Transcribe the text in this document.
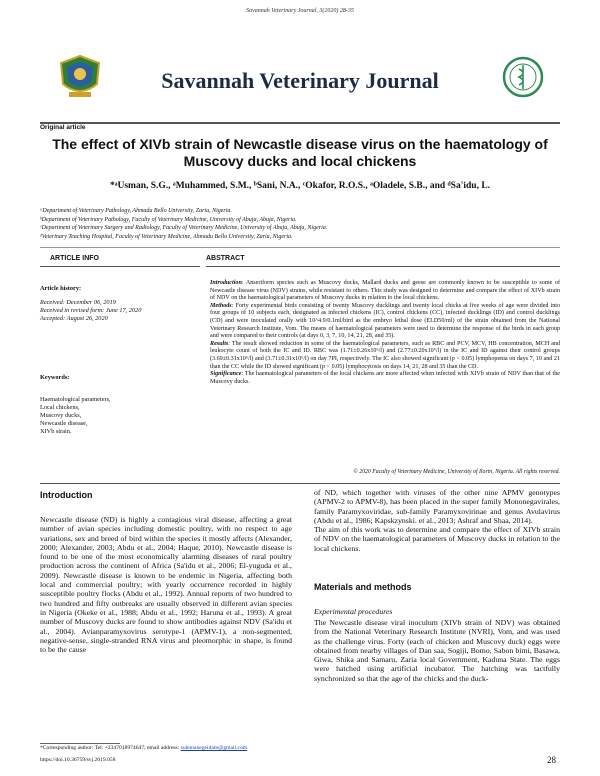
Savannah Veterinary Journal, 3(2020) 28-35
Savannah Veterinary Journal
Original article
The effect of XIVb strain of Newcastle disease virus on the haematology of Muscovy ducks and local chickens
*ᵃUsman, S.G., ᵃMuhammed, S.M., ᵇSani, N.A., ᶜOkafor, R.O.S., ᵃOladele, S.B., and ᵈSa'idu, L.
ᵃDepartment of Veterinary Pathology, Ahmadu Bello University, Zaria, Nigeria.
ᵇDepartment of Veterinary Pathology, Faculty of Veterinary Medicine, University of Abuja, Abuja, Nigeria.
ᶜDepartment of Veterinary Surgery and Radiology, Faculty of Veterinary Medicine, University of Abuja, Abuja, Nigeria.
ᵈVeterinary Teaching Hospital, Faculty of Veterinary Medicine, Ahmadu Bello University, Zaria, Nigeria.
ARTICLE INFO	ABSTRACT
Article history:
Received: December 06, 2019
Received in revised form: June 17, 2020
Accepted: August 26, 2020
Keywords:
Haematological parameters,
Local chickens,
Muscovy ducks,
Newcastle disease,
XIVb strain.

Introduction: Anseriform species such as Muscovy ducks, Mallard ducks and geese are commonly known to be susceptible to some of Newcastle disease virus (NDV) strains, while resistant to others. This study was designed to determine and compare the effect of XIVb strain of NDV on the haematological parameters of Muscovy ducks in relation to the local chickens.

Methods: Forty experimental birds consisting of twenty Muscovy ducklings and twenty local chicks at five weeks of age were divided into four groups of 10 subjects each, designated as infected chickens (IC), control chickens (CC), infected ducklings (ID) and control ducklings (CD) and were inoculated orally with 10^4.9/0.1ml/bird as the embryo lethal dose (ELD50/ml) of the strain obtained from the National Veterinary Research Institute, Vom. The means of haematological parameters were used to determine the response of the birds in each group and were compared to their controls (at days 0, 3, 7, 10, 14, 21, 28, and 35).

Results: The result showed reduction in some of the haematological parameters, such as RBC and PCV, MCV, HB concentration, MCH and leukocyte count of both the IC and ID. RBC was (1.71±0.26x10⁶/l) and (2.77±0.20x10⁶/l) in the IC and ID against their control groups (3.69±0.31x10⁶/l) and (3.71±0.31x10⁶/l) on day 7PI, respectively. The IC also showed significant (p < 0.05) lymphopenia on days 7, 10 and 21 than the CC while the ID showed significant (p < 0.05) lymphocytosis on days 14, 21, 28 and 35 than the CD.

Significance: The haematological parameters of the local chickens are more affected when infected with XIVb strain of NDV than that of the Muscovy ducks.

© 2020 Faculty of Veterinary Medicine, University of Ilorin, Nigeria. All rights reserved.
Introduction
Newcastle disease (ND) is highly a contagious viral disease, affecting a great number of avian species including domestic poultry, with no respect to age variations, sex and breed of bird within the species it mostly affects (Alexander, 2000; Alexander, 2003; Abdu et al., 2004; Haque, 2010). Newcastle disease is found to be one of the most economically alarming diseases of rural poultry production across the continent of Africa (Sa'idu et al., 2006; El-yuguda et al., 2009). Newcastle disease is known to be endemic in Nigeria, affecting both local and commercial poultry; with yearly occurrence recorded in highly susceptible poultry flocks (Abdu et al., 1992). Annual reports of two hundred to two hundred and fifty outbreaks are usually observed in different avian species in Nigeria (Okeke et al., 1988; Abdu et al., 1992; Haruna et al., 1993). A great number of Muscovy ducks are found to show antibodies against NDV (Sa'idu et al., 2004). Avianparamyxovirus serotype-1 (APMV-1), a non-segmented, negative-sense, single-stranded RNA virus and pleomorphic in shape, is found to be the cause

of ND, which together with viruses of the other nine APMV genotypes (APMV-2 to APMV-8), has been placed in the super family Mononegavirales, family Paramyxoviridae, sub-family Paramyxovirinae and genus Avulavirus (Abdu et al., 1986; Kapskzynski. et al., 2013; Ashraf and Shaa, 2014).

The aim of this work was to determine and compare the effect of XIVb strain of NDV on the haematological parameters of Muscovy ducks in relation to the local chickens.

Materials and methods
Experimental procedures
The Newcastle disease viral inoculum (XIVb strain of NDV) was obtained from the National Veterinary Research Institute (NVRI), Vom, and was used as the challenge virus. Forty (each of chicken and Muscovy duck) eggs were obtained from nearby villages of Dan saa, Sogiji, Bomo, Sabon bimi, Basawa, Giwa, Shika and Samaru, Zaria local Government, Kaduna State. The eggs were hatched using artificial incubator. The hatching was tactfully synchronized so that the age of the chicks and the duck-
*Corresponding author: Tel: +2347018974647; email address: sulemanegeidam@gmail.com
https://doi.10.36759/svj.2019.058	28
